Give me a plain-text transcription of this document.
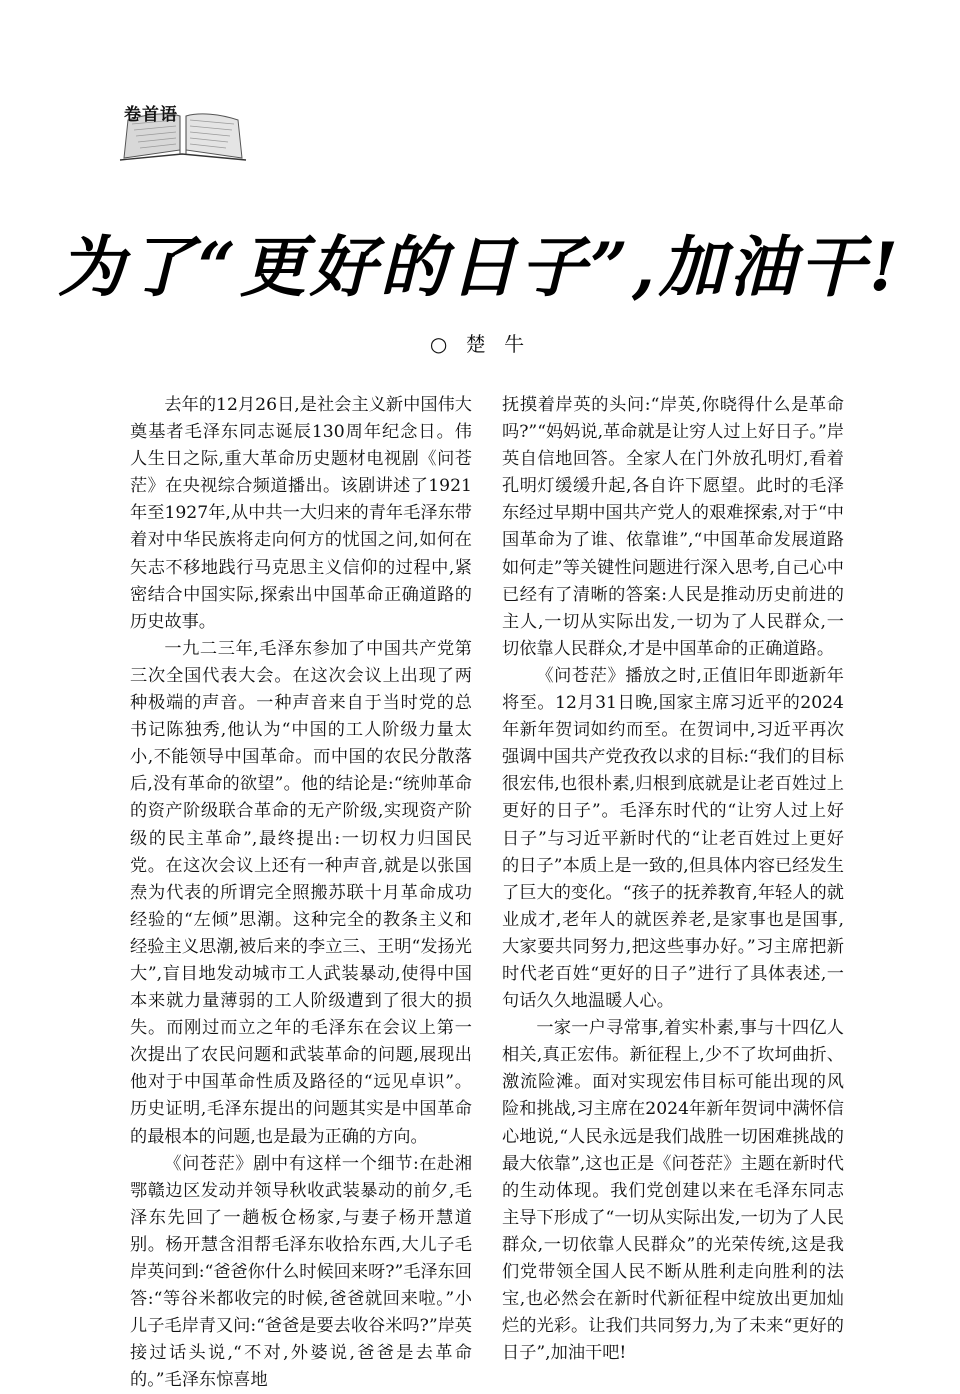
卷首语
为了“更好的日子”,加油干!
○ 楚 牛

去年的12月26日,是社会主义新中国伟大奠基者毛泽东同志诞辰130周年纪念日。伟人生日之际,重大革命历史题材电视剧《问苍茫》在央视综合频道播出。该剧讲述了1921年至1927年,从中共一大归来的青年毛泽东带着对中华民族将走向何方的忧国之问,如何在矢志不移地践行马克思主义信仰的过程中,紧密结合中国实际,探索出中国革命正确道路的历史故事。

一九二三年,毛泽东参加了中国共产党第三次全国代表大会。在这次会议上出现了两种极端的声音。一种声音来自于当时党的总书记陈独秀,他认为“中国的工人阶级力量太小,不能领导中国革命。而中国的农民分散落后,没有革命的欲望”。他的结论是:“统帅革命的资产阶级联合革命的无产阶级,实现资产阶级的民主革命”,最终提出:一切权力归国民党。在这次会议上还有一种声音,就是以张国焘为代表的所谓完全照搬苏联十月革命成功经验的“左倾”思潮。这种完全的教条主义和经验主义思潮,被后来的李立三、王明“发扬光大”,盲目地发动城市工人武装暴动,使得中国本来就力量薄弱的工人阶级遭到了很大的损失。而刚过而立之年的毛泽东在会议上第一次提出了农民问题和武装革命的问题,展现出他对于中国革命性质及路径的“远见卓识”。历史证明,毛泽东提出的问题其实是中国革命的最根本的问题,也是最为正确的方向。

《问苍茫》剧中有这样一个细节:在赴湘鄂赣边区发动并领导秋收武装暴动的前夕,毛泽东先回了一趟板仓杨家,与妻子杨开慧道别。杨开慧含泪帮毛泽东收拾东西,大儿子毛岸英问到:“爸爸你什么时候回来呀?”毛泽东回答:“等谷米都收完的时候,爸爸就回来啦。”小儿子毛岸青又问:“爸爸是要去收谷米吗?”岸英接过话头说,“不对,外婆说,爸爸是去革命的。”毛泽东惊喜地

抚摸着岸英的头问:“岸英,你晓得什么是革命吗?”“妈妈说,革命就是让穷人过上好日子。”岸英自信地回答。全家人在门外放孔明灯,看着孔明灯缓缓升起,各自许下愿望。此时的毛泽东经过早期中国共产党人的艰难探索,对于“中国革命为了谁、依靠谁”,“中国革命发展道路如何走”等关键性问题进行深入思考,自己心中已经有了清晰的答案:人民是推动历史前进的主人,一切从实际出发,一切为了人民群众,一切依靠人民群众,才是中国革命的正确道路。

《问苍茫》播放之时,正值旧年即逝新年将至。12月31日晚,国家主席习近平的2024年新年贺词如约而至。在贺词中,习近平再次强调中国共产党孜孜以求的目标:“我们的目标很宏伟,也很朴素,归根到底就是让老百姓过上更好的日子”。毛泽东时代的“让穷人过上好日子”与习近平新时代的“让老百姓过上更好的日子”本质上是一致的,但具体内容已经发生了巨大的变化。“孩子的抚养教育,年轻人的就业成才,老年人的就医养老,是家事也是国事,大家要共同努力,把这些事办好。”习主席把新时代老百姓“更好的日子”进行了具体表述,一句话久久地温暖人心。

一家一户寻常事,着实朴素,事与十四亿人相关,真正宏伟。新征程上,少不了坎坷曲折、激流险滩。面对实现宏伟目标可能出现的风险和挑战,习主席在2024年新年贺词中满怀信心地说,“人民永远是我们战胜一切困难挑战的最大依靠”,这也正是《问苍茫》主题在新时代的生动体现。我们党创建以来在毛泽东同志主导下形成了“一切从实际出发,一切为了人民群众,一切依靠人民群众”的光荣传统,这是我们党带领全国人民不断从胜利走向胜利的法宝,也必然会在新时代新征程中绽放出更加灿烂的光彩。让我们共同努力,为了未来“更好的日子”,加油干吧!
